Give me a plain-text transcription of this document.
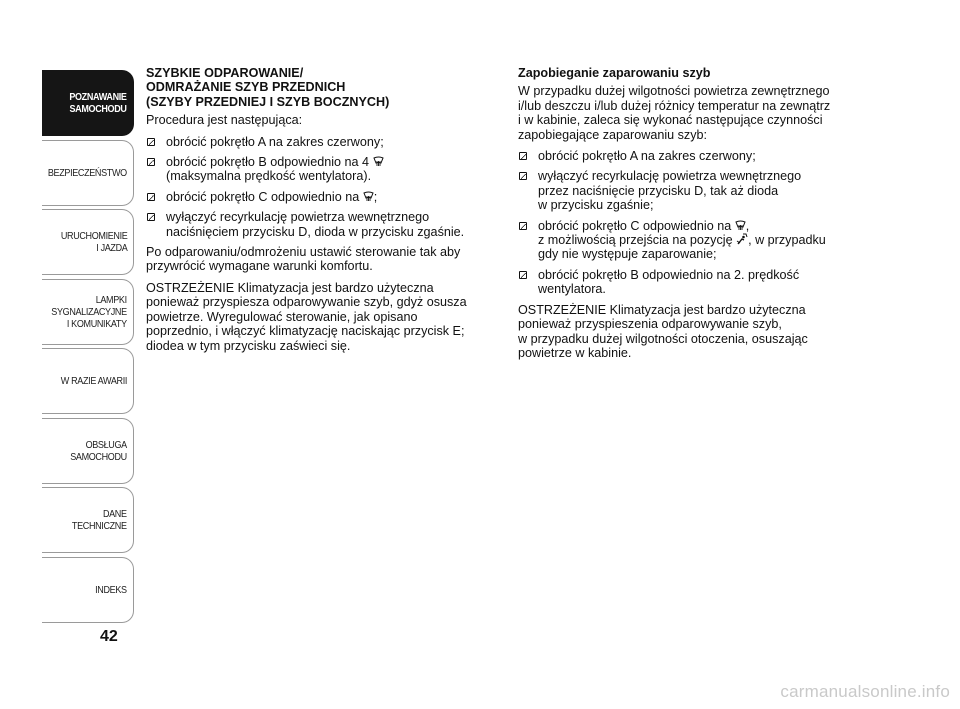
POZNAWANIE
SAMOCHODU
BEZPIECZEŃSTWO
URUCHOMIENIE
I JAZDA
LAMPKI
SYGNALIZACYJNE
I KOMUNIKATY
W RAZIE AWARII
OBSŁUGA
SAMOCHODU
DANE
TECHNICZNE
INDEKS
42

SZYBKIE ODPAROWANIE/
ODMRAŻANIE SZYB PRZEDNICH
(SZYBY PRZEDNIEJ I SZYB BOCZNYCH)

Procedura jest następująca:

obrócić pokrętło A na zakres czerwony;
obrócić pokrętło B odpowiednio na 4
(maksymalna prędkość wentylatora).
obrócić pokrętło C odpowiednio na ;
wyłączyć recyrkulację powietrza wewnętrznego
naciśnięciem przycisku D, dioda w przycisku zgaśnie.

Po odparowaniu/odmrożeniu ustawić sterowanie tak aby
przywrócić wymagane warunki komfortu.

OSTRZEŻENIE Klimatyzacja jest bardzo użyteczna
ponieważ przyspiesza odparowywanie szyb, gdyż osusza
powietrze. Wyregulować sterowanie, jak opisano
poprzednio, i włączyć klimatyzację naciskając przycisk E;
diodea w tym przycisku zaświeci się.

Zapobieganie zaparowaniu szyb

W przypadku dużej wilgotności powietrza zewnętrznego
i/lub deszczu i/lub dużej różnicy temperatur na zewnątrz
i w kabinie, zaleca się wykonać następujące czynności
zapobiegające zaparowaniu szyb:

obrócić pokrętło A na zakres czerwony;
wyłączyć recyrkulację powietrza wewnętrznego
przez naciśnięcie przycisku D, tak aż dioda
w przycisku zgaśnie;
obrócić pokrętło C odpowiednio na ,
z możliwością przejścia na pozycję , w przypadku
gdy nie występuje zaparowanie;
obrócić pokrętło B odpowiednio na 2. prędkość
wentylatora.

OSTRZEŻENIE Klimatyzacja jest bardzo użyteczna
ponieważ przyspieszenia odparowywanie szyb,
w przypadku dużej wilgotności otoczenia, osuszając
powietrze w kabinie.

carmanualsonline.info
